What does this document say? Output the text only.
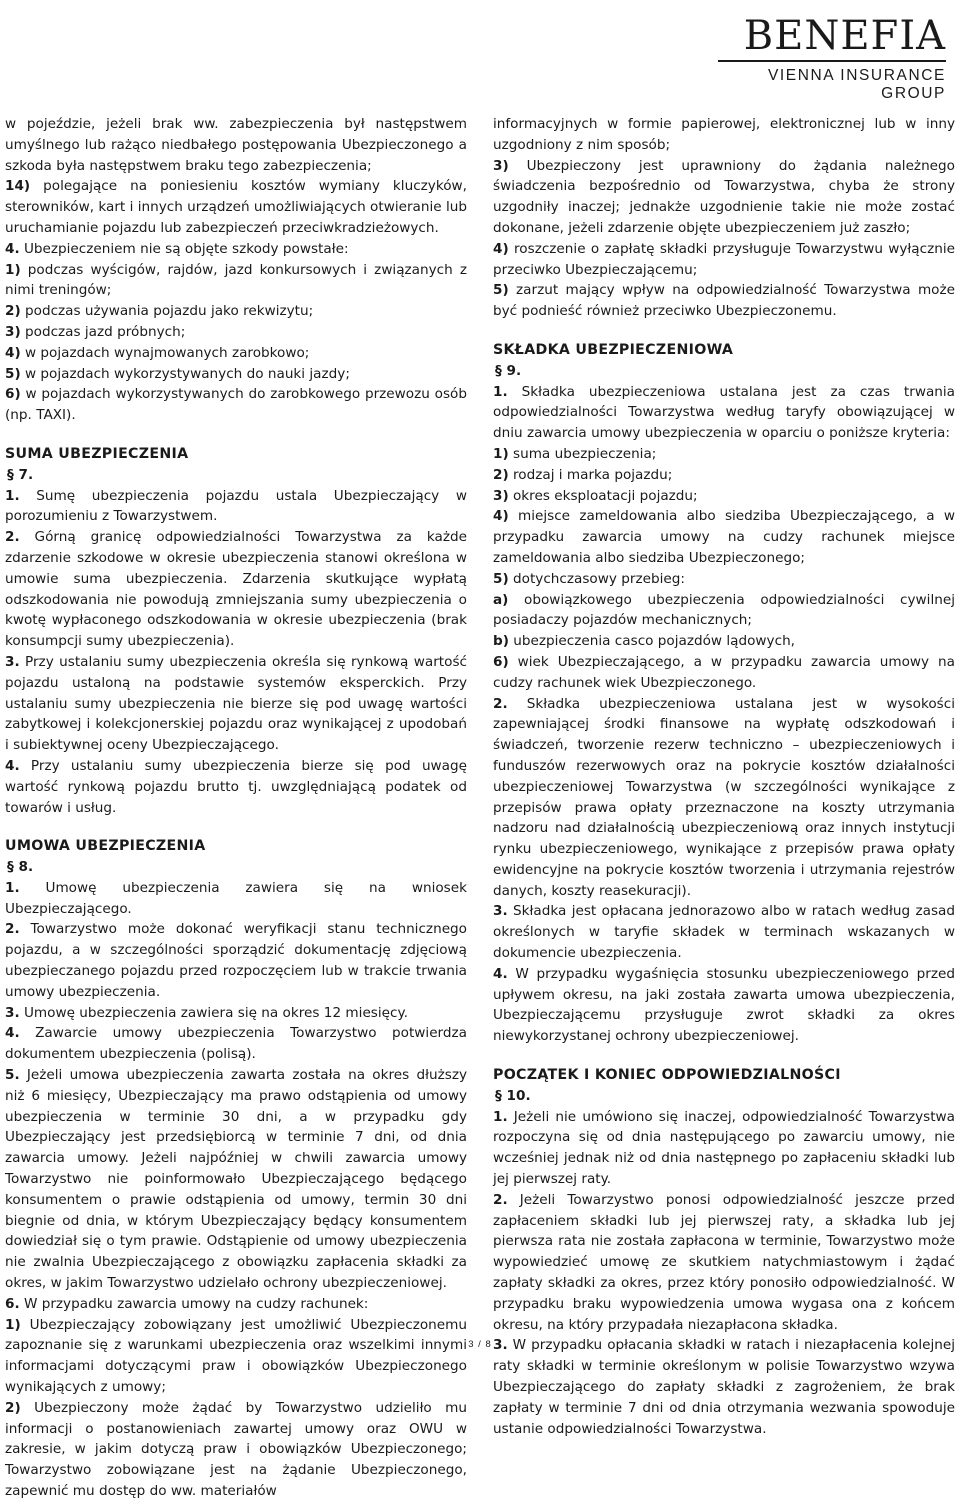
BENEFIA
VIENNA INSURANCE GROUP

w pojeździe, jeżeli brak ww. zabezpieczenia był następstwem umyślnego lub rażąco niedbałego postępowania Ubezpieczonego a szkoda była następstwem braku tego zabezpieczenia;

14) polegające na poniesieniu kosztów wymiany kluczyków, sterowników, kart i innych urządzeń umożliwiających otwieranie lub uruchamianie pojazdu lub zabezpieczeń przeciwkradzieżowych.

4. Ubezpieczeniem nie są objęte szkody powstałe:

1) podczas wyścigów, rajdów, jazd konkursowych i związanych z nimi treningów;

2) podczas używania pojazdu jako rekwizytu;

3) podczas jazd próbnych;

4) w pojazdach wynajmowanych zarobkowo;

5) w pojazdach wykorzystywanych do nauki jazdy;

6) w pojazdach wykorzystywanych do zarobkowego przewozu osób (np. TAXI).

SUMA UBEZPIECZENIA

§ 7.

1. Sumę ubezpieczenia pojazdu ustala Ubezpieczający w porozumieniu z Towarzystwem.

2. Górną granicę odpowiedzialności Towarzystwa za każde zdarzenie szkodowe w okresie ubezpieczenia stanowi określona w umowie suma ubezpieczenia. Zdarzenia skutkujące wypłatą odszkodowania nie powodują zmniejszania sumy ubezpieczenia o kwotę wypłaconego odszkodowania w okresie ubezpieczenia (brak konsumpcji sumy ubezpieczenia).

3. Przy ustalaniu sumy ubezpieczenia określa się rynkową wartość pojazdu ustaloną na podstawie systemów eksperckich. Przy ustalaniu sumy ubezpieczenia nie bierze się pod uwagę wartości zabytkowej i kolekcjonerskiej pojazdu oraz wynikającej z upodobań i subiektywnej oceny Ubezpieczającego.

4. Przy ustalaniu sumy ubezpieczenia bierze się pod uwagę wartość rynkową pojazdu brutto tj. uwzględniającą podatek od towarów i usług.

UMOWA UBEZPIECZENIA

§ 8.

1. Umowę ubezpieczenia zawiera się na wniosek Ubezpieczającego.

2. Towarzystwo może dokonać weryfikacji stanu technicznego pojazdu, a w szczególności sporządzić dokumentację zdjęciową ubezpieczanego pojazdu przed rozpoczęciem lub w trakcie trwania umowy ubezpieczenia.

3. Umowę ubezpieczenia zawiera się na okres 12 miesięcy.

4. Zawarcie umowy ubezpieczenia Towarzystwo potwierdza dokumentem ubezpieczenia (polisą).

5. Jeżeli umowa ubezpieczenia zawarta została na okres dłuższy niż 6 miesięcy, Ubezpieczający ma prawo odstąpienia od umowy ubezpieczenia w terminie 30 dni, a w przypadku gdy Ubezpieczający jest przedsiębiorcą w terminie 7 dni, od dnia zawarcia umowy. Jeżeli najpóźniej w chwili zawarcia umowy Towarzystwo nie poinformowało Ubezpieczającego będącego konsumentem o prawie odstąpienia od umowy, termin 30 dni biegnie od dnia, w którym Ubezpieczający będący konsumentem dowiedział się o tym prawie. Odstąpienie od umowy ubezpieczenia nie zwalnia Ubezpieczającego z obowiązku zapłacenia składki za okres, w jakim Towarzystwo udzielało ochrony ubezpieczeniowej.

6. W przypadku zawarcia umowy na cudzy rachunek:

1) Ubezpieczający zobowiązany jest umożliwić Ubezpieczonemu zapoznanie się z warunkami ubezpieczenia oraz wszelkimi innymi informacjami dotyczącymi praw i obowiązków Ubezpieczonego wynikających z umowy;

2) Ubezpieczony może żądać by Towarzystwo udzieliło mu informacji o postanowieniach zawartej umowy oraz OWU w zakresie, w jakim dotyczą praw i obowiązków Ubezpieczonego; Towarzystwo zobowiązane jest na żądanie Ubezpieczonego, zapewnić mu dostęp do ww. materiałów

informacyjnych w formie papierowej, elektronicznej lub w inny uzgodniony z nim sposób;

3) Ubezpieczony jest uprawniony do żądania należnego świadczenia bezpośrednio od Towarzystwa, chyba że strony uzgodniły inaczej; jednakże uzgodnienie takie nie może zostać dokonane, jeżeli zdarzenie objęte ubezpieczeniem już zaszło;

4) roszczenie o zapłatę składki przysługuje Towarzystwu wyłącznie przeciwko Ubezpieczającemu;

5) zarzut mający wpływ na odpowiedzialność Towarzystwa może być podnieść również przeciwko Ubezpieczonemu.

SKŁADKA UBEZPIECZENIOWA

§ 9.

1. Składka ubezpieczeniowa ustalana jest za czas trwania odpowiedzialności Towarzystwa według taryfy obowiązującej w dniu zawarcia umowy ubezpieczenia w oparciu o poniższe kryteria:

1) suma ubezpieczenia;

2) rodzaj i marka pojazdu;

3) okres eksploatacji pojazdu;

4) miejsce zameldowania albo siedziba Ubezpieczającego, a w przypadku zawarcia umowy na cudzy rachunek miejsce zameldowania albo siedziba Ubezpieczonego;

5) dotychczasowy przebieg:

a) obowiązkowego ubezpieczenia odpowiedzialności cywilnej posiadaczy pojazdów mechanicznych;

b) ubezpieczenia casco pojazdów lądowych,

6) wiek Ubezpieczającego, a w przypadku zawarcia umowy na cudzy rachunek wiek Ubezpieczonego.

2. Składka ubezpieczeniowa ustalana jest w wysokości zapewniającej środki finansowe na wypłatę odszkodowań i świadczeń, tworzenie rezerw techniczno – ubezpieczeniowych i funduszów rezerwowych oraz na pokrycie kosztów działalności ubezpieczeniowej Towarzystwa (w szczególności wynikające z przepisów prawa opłaty przeznaczone na koszty utrzymania nadzoru nad działalnością ubezpieczeniową oraz innych instytucji rynku ubezpieczeniowego, wynikające z przepisów prawa opłaty ewidencyjne na pokrycie kosztów tworzenia i utrzymania rejestrów danych, koszty reasekuracji).

3. Składka jest opłacana jednorazowo albo w ratach według zasad określonych w taryfie składek w terminach wskazanych w dokumencie ubezpieczenia.

4. W przypadku wygaśnięcia stosunku ubezpieczeniowego przed upływem okresu, na jaki została zawarta umowa ubezpieczenia, Ubezpieczającemu przysługuje zwrot składki za okres niewykorzystanej ochrony ubezpieczeniowej.

POCZĄTEK I KONIEC ODPOWIEDZIALNOŚCI

§ 10.

1. Jeżeli nie umówiono się inaczej, odpowiedzialność Towarzystwa rozpoczyna się od dnia następującego po zawarciu umowy, nie wcześniej jednak niż od dnia następnego po zapłaceniu składki lub jej pierwszej raty.

2. Jeżeli Towarzystwo ponosi odpowiedzialność jeszcze przed zapłaceniem składki lub jej pierwszej raty, a składka lub jej pierwsza rata nie została zapłacona w terminie, Towarzystwo może wypowiedzieć umowę ze skutkiem natychmiastowym i żądać zapłaty składki za okres, przez który ponosiło odpowiedzialność. W przypadku braku wypowiedzenia umowa wygasa ona z końcem okresu, na który przypadała niezapłacona składka.

3. W przypadku opłacania składki w ratach i niezapłacenia kolejnej raty składki w terminie określonym w polisie Towarzystwo wzywa Ubezpieczającego do zapłaty składki z zagrożeniem, że brak zapłaty w terminie 7 dni od dnia otrzymania wezwania spowoduje ustanie odpowiedzialności Towarzystwa.

3 / 8
